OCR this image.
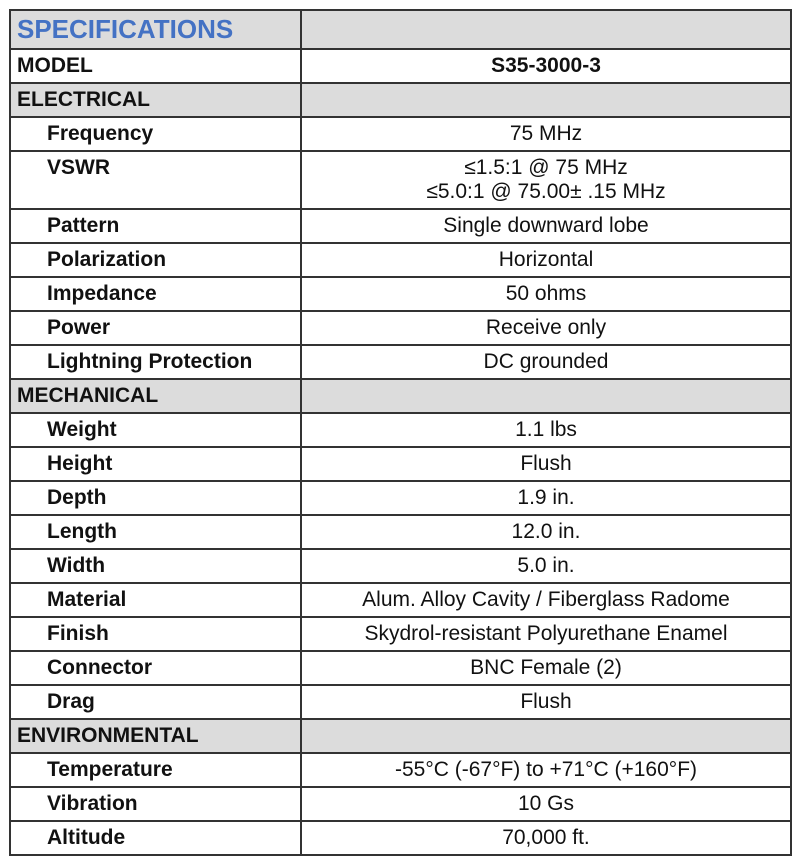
SPECIFICATIONS	
MODEL	S35-3000-3
ELECTRICAL	
Frequency	75 MHz
VSWR	≤1.5:1 @ 75 MHz
≤5.0:1 @ 75.00± .15 MHz

Pattern	Single downward lobe
Polarization	Horizontal
Impedance	50 ohms
Power	Receive only
Lightning Protection	DC grounded
MECHANICAL	
Weight	1.1 lbs
Height	Flush
Depth	1.9 in.
Length	12.0 in.
Width	5.0 in.
Material	Alum. Alloy Cavity / Fiberglass Radome
Finish	Skydrol-resistant Polyurethane Enamel
Connector	BNC Female (2)
Drag	Flush
ENVIRONMENTAL	
Temperature	-55°C (-67°F) to +71°C (+160°F)
Vibration	10 Gs
Altitude	70,000 ft.
